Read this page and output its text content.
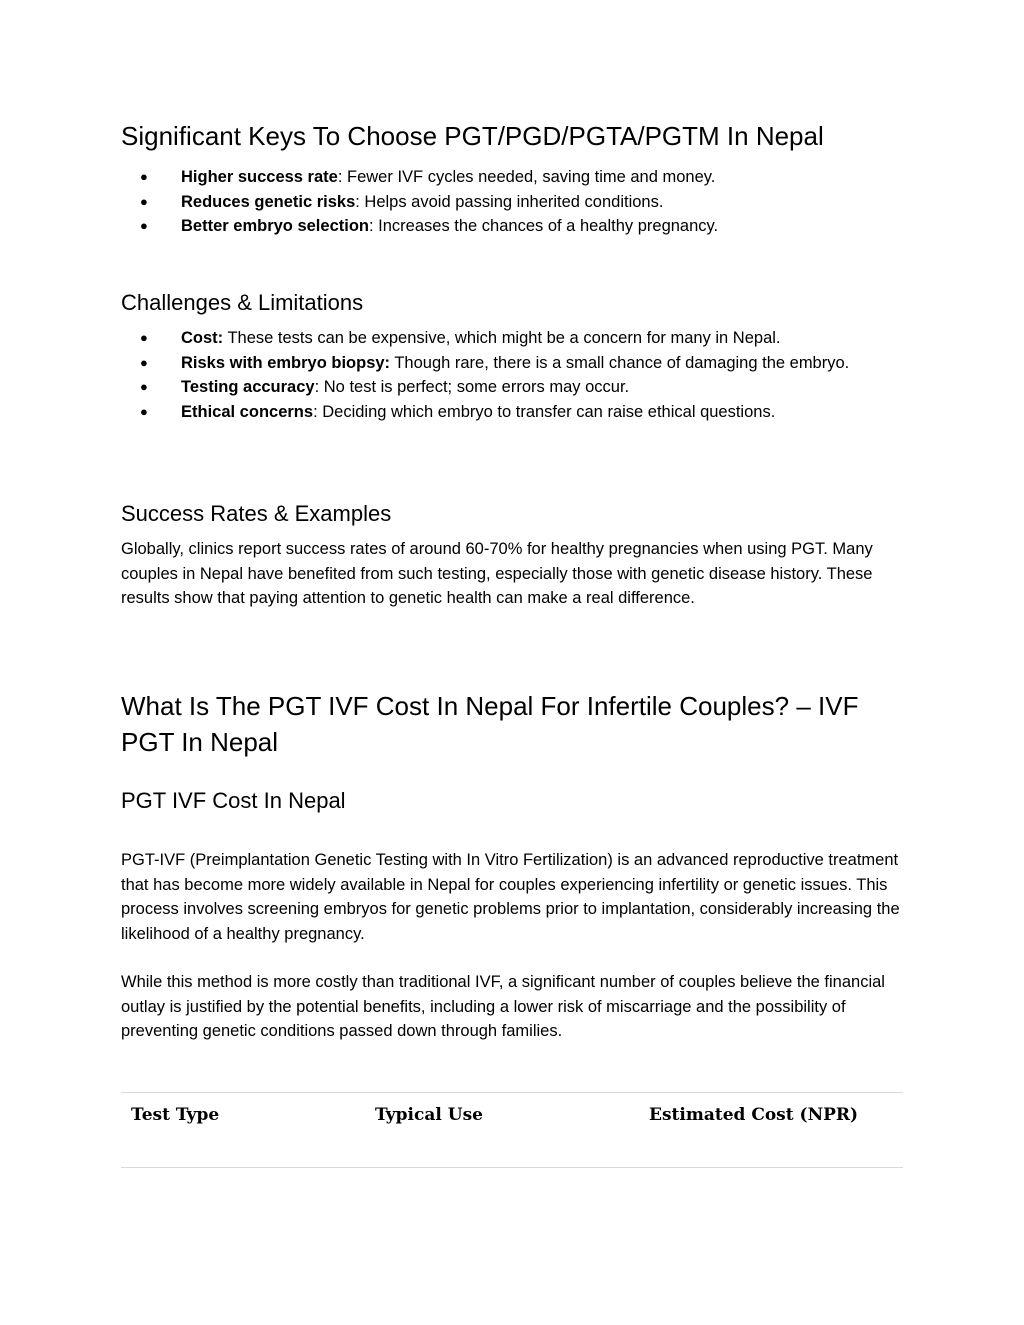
Significant Keys To Choose PGT/PGD/PGTA/PGTM In Nepal
● Higher success rate: Fewer IVF cycles needed, saving time and money.
● Reduces genetic risks: Helps avoid passing inherited conditions.
● Better embryo selection: Increases the chances of a healthy pregnancy.
Challenges & Limitations
● Cost: These tests can be expensive, which might be a concern for many in Nepal.
● Risks with embryo biopsy: Though rare, there is a small chance of damaging the embryo.
● Testing accuracy: No test is perfect; some errors may occur.
● Ethical concerns: Deciding which embryo to transfer can raise ethical questions.
Success Rates & Examples

Globally, clinics report success rates of around 60-70% for healthy pregnancies when using PGT. Many couples in Nepal have benefited from such testing, especially those with genetic disease history. These results show that paying attention to genetic health can make a real difference.

What Is The PGT IVF Cost In Nepal For Infertile Couples? – IVF PGT In Nepal
PGT IVF Cost In Nepal

PGT-IVF (Preimplantation Genetic Testing with In Vitro Fertilization) is an advanced reproductive treatment that has become more widely available in Nepal for couples experiencing infertility or genetic issues. This process involves screening embryos for genetic problems prior to implantation, considerably increasing the likelihood of a healthy pregnancy.

While this method is more costly than traditional IVF, a significant number of couples believe the financial outlay is justified by the potential benefits, including a lower risk of miscarriage and the possibility of preventing genetic conditions passed down through families.

Test Type	Typical Use	Estimated Cost (NPR)
